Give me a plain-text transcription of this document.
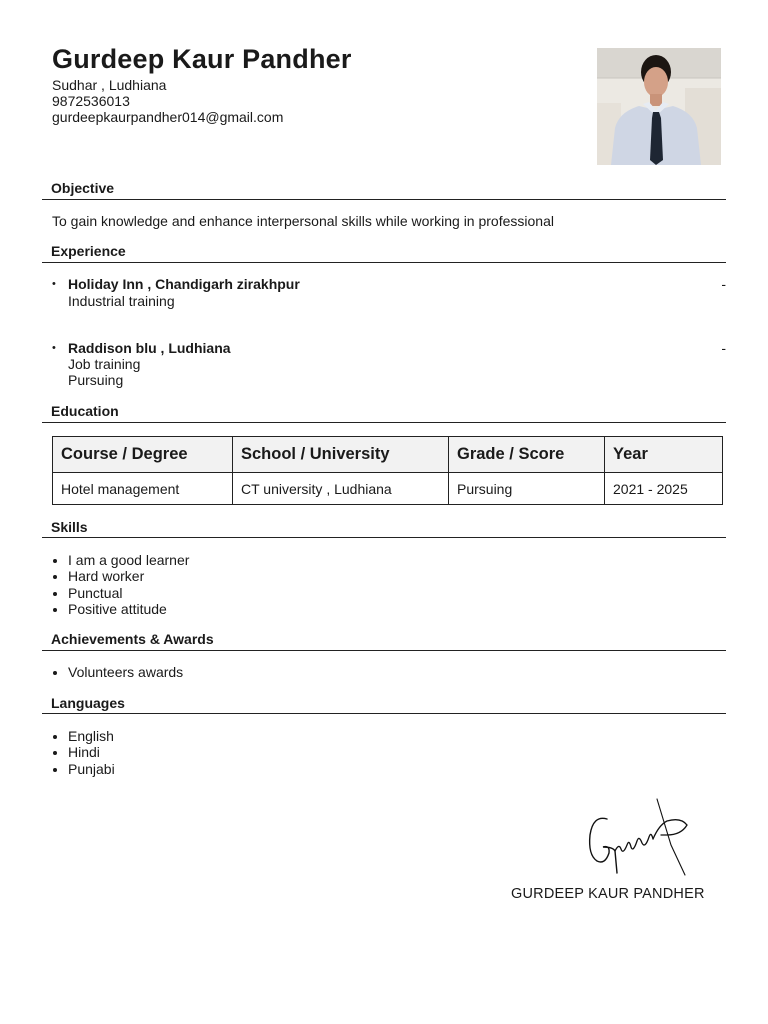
Gurdeep Kaur Pandher
Sudhar , Ludhiana
9872536013
gurdeepkaurpandher014@gmail.com
Objective
To gain knowledge and enhance interpersonal skills while working in professional
Experience
• Holiday Inn , Chandigarh zirakhpur	-
Industrial training
• Raddison blu , Ludhiana	-
Job training
Pursuing
Education
Course / Degree	School / University	Grade / Score	Year
Hotel management	CT university , Ludhiana	Pursuing	2021 - 2025
Skills
• I am a good learner
• Hard worker
• Punctual
• Positive attitude
Achievements & Awards
• Volunteers awards
Languages
• English
• Hindi
• Punjabi
GURDEEP KAUR PANDHER
